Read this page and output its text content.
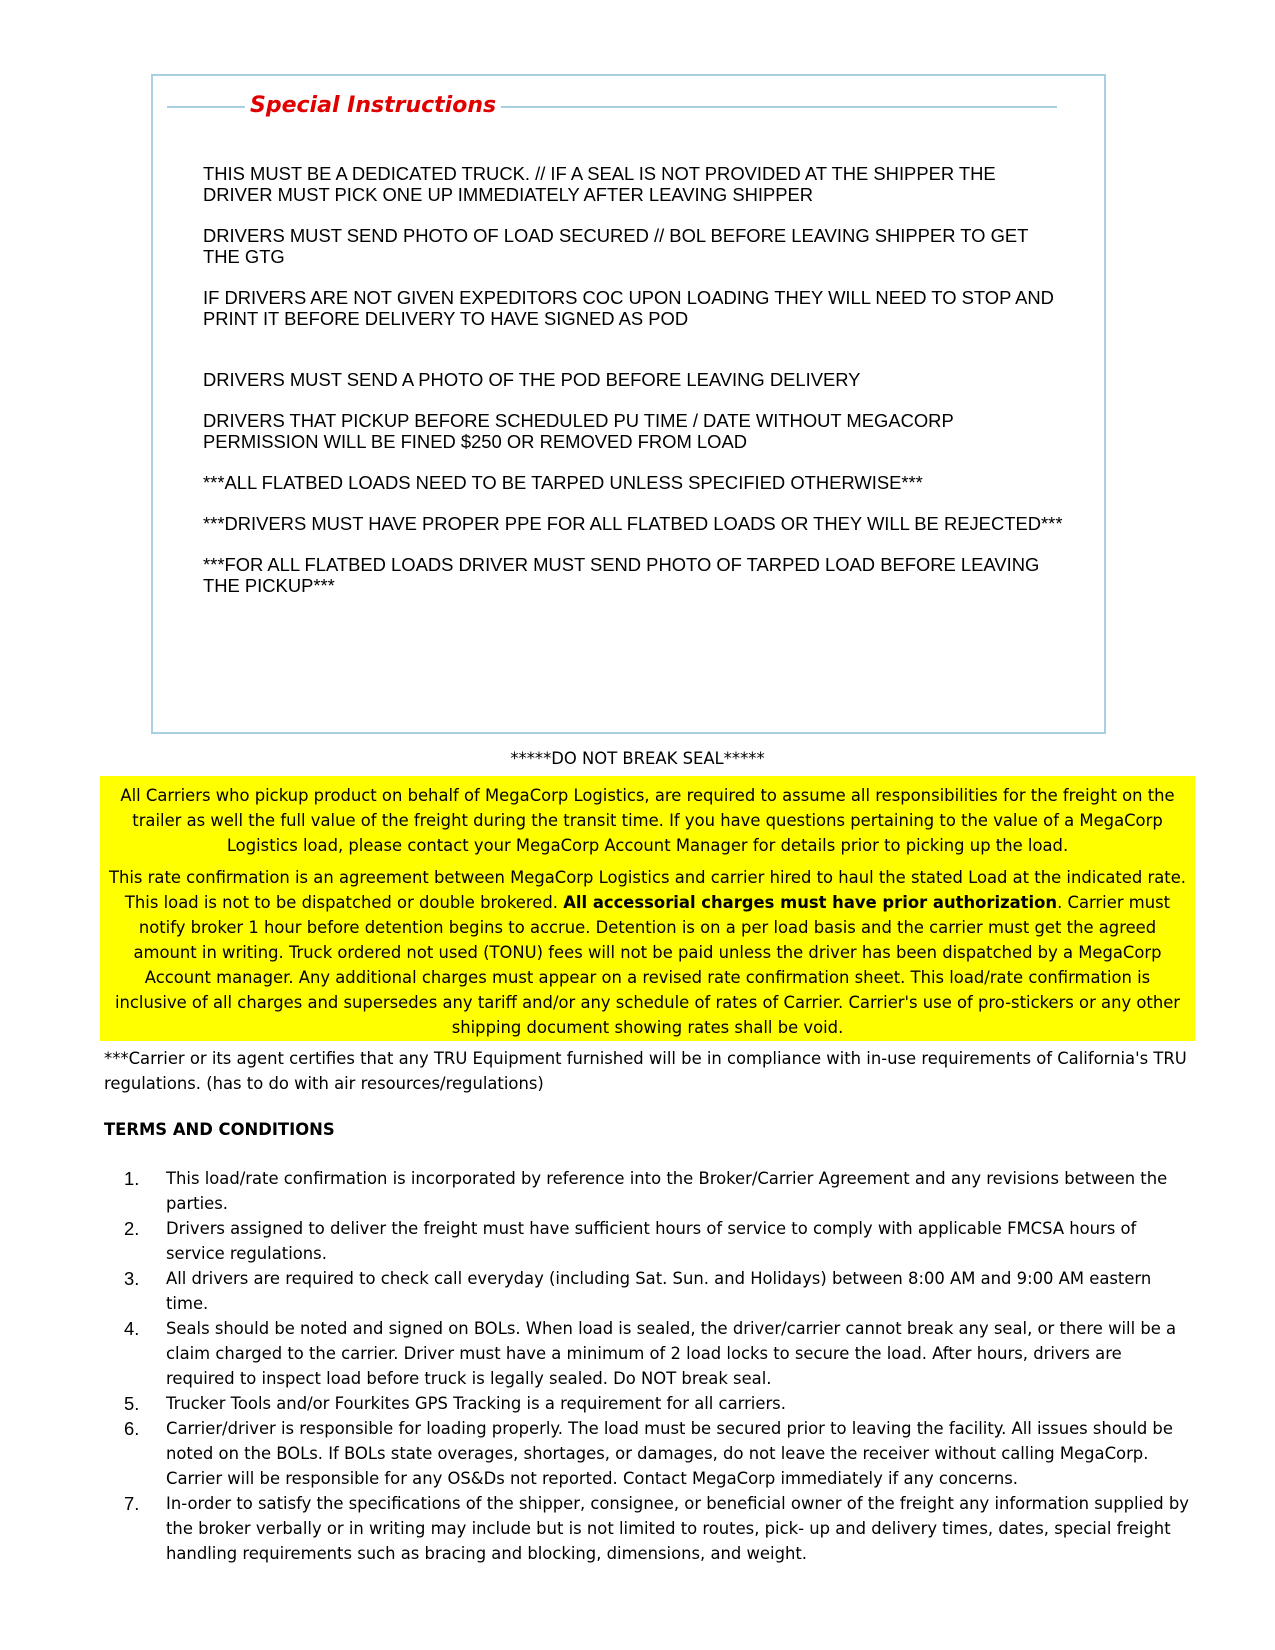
Special Instructions

THIS MUST BE A DEDICATED TRUCK. // IF A SEAL IS NOT PROVIDED AT THE SHIPPER THE DRIVER MUST PICK ONE UP IMMEDIATELY AFTER LEAVING SHIPPER

DRIVERS MUST SEND PHOTO OF LOAD SECURED // BOL BEFORE LEAVING SHIPPER TO GET THE GTG

IF DRIVERS ARE NOT GIVEN EXPEDITORS COC UPON LOADING THEY WILL NEED TO STOP AND PRINT IT BEFORE DELIVERY TO HAVE SIGNED AS POD

DRIVERS MUST SEND A PHOTO OF THE POD BEFORE LEAVING DELIVERY

DRIVERS THAT PICKUP BEFORE SCHEDULED PU TIME / DATE WITHOUT MEGACORP PERMISSION WILL BE FINED $250 OR REMOVED FROM LOAD

***ALL FLATBED LOADS NEED TO BE TARPED UNLESS SPECIFIED OTHERWISE***

***DRIVERS MUST HAVE PROPER PPE FOR ALL FLATBED LOADS OR THEY WILL BE REJECTED***

***FOR ALL FLATBED LOADS DRIVER MUST SEND PHOTO OF TARPED LOAD BEFORE LEAVING THE PICKUP***

*****DO NOT BREAK SEAL*****

All Carriers who pickup product on behalf of MegaCorp Logistics, are required to assume all responsibilities for the freight on the trailer as well the full value of the freight during the transit time. If you have questions pertaining to the value of a MegaCorp Logistics load, please contact your MegaCorp Account Manager for details prior to picking up the load.

This rate confirmation is an agreement between MegaCorp Logistics and carrier hired to haul the stated Load at the indicated rate. This load is not to be dispatched or double brokered. All accessorial charges must have prior authorization. Carrier must notify broker 1 hour before detention begins to accrue. Detention is on a per load basis and the carrier must get the agreed amount in writing. Truck ordered not used (TONU) fees will not be paid unless the driver has been dispatched by a MegaCorp Account manager. Any additional charges must appear on a revised rate confirmation sheet. This load/rate confirmation is inclusive of all charges and supersedes any tariff and/or any schedule of rates of Carrier. Carrier's use of pro-stickers or any other shipping document showing rates shall be void.

***Carrier or its agent certifies that any TRU Equipment furnished will be in compliance with in-use requirements of California's TRU regulations. (has to do with air resources/regulations)
TERMS AND CONDITIONS
1. This load/rate confirmation is incorporated by reference into the Broker/Carrier Agreement and any revisions between the parties.
2. Drivers assigned to deliver the freight must have sufficient hours of service to comply with applicable FMCSA hours of service regulations.
3. All drivers are required to check call everyday (including Sat. Sun. and Holidays) between 8:00 AM and 9:00 AM eastern time.
4. Seals should be noted and signed on BOLs. When load is sealed, the driver/carrier cannot break any seal, or there will be a claim charged to the carrier. Driver must have a minimum of 2 load locks to secure the load. After hours, drivers are required to inspect load before truck is legally sealed. Do NOT break seal.
5. Trucker Tools and/or Fourkites GPS Tracking is a requirement for all carriers.
6. Carrier/driver is responsible for loading properly. The load must be secured prior to leaving the facility. All issues should be noted on the BOLs. If BOLs state overages, shortages, or damages, do not leave the receiver without calling MegaCorp. Carrier will be responsible for any OS&Ds not reported. Contact MegaCorp immediately if any concerns.
7. In-order to satisfy the specifications of the shipper, consignee, or beneficial owner of the freight any information supplied by the broker verbally or in writing may include but is not limited to routes, pick- up and delivery times, dates, special freight handling requirements such as bracing and blocking, dimensions, and weight.
